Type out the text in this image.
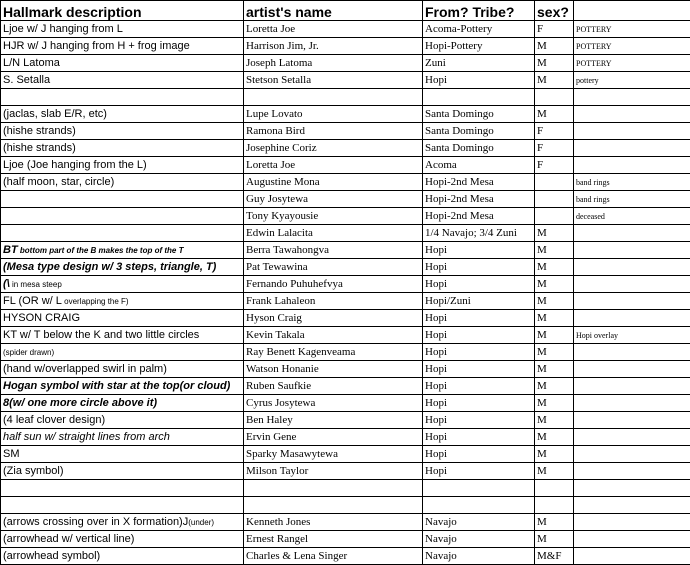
Hallmark description	artist's name	From? Tribe?	sex?	
Ljoe w/ J hanging from L	Loretta Joe	Acoma-Pottery	F	POTTERY
HJR w/ J hanging from H + frog image	Harrison Jim, Jr.	Hopi-Pottery	M	POTTERY
L/N Latoma	Joseph Latoma	Zuni	M	POTTERY
S. Setalla	Stetson Setalla	Hopi	M	pottery

(jaclas, slab E/R, etc)	Lupe Lovato	Santa Domingo	M	
(hishe strands)	Ramona Bird	Santa Domingo	F	
(hishe strands)	Josephine Coriz	Santa Domingo	F	
Ljoe (Joe hanging from the L)	Loretta Joe	Acoma	F	
(half moon, star, circle)	Augustine Mona	Hopi-2nd Mesa		band rings
	Guy Josytewa	Hopi-2nd Mesa		band rings
	Tony Kyayousie	Hopi-2nd Mesa		deceased
	Edwin Lalacita	1/4 Navajo; 3/4 Zuni	M	
BT bottom part of the B makes the top of the T	Berra Tawahongva	Hopi	M	
(Mesa type design w/ 3 steps, triangle, T)	Pat Tewawina	Hopi	M	
(\ in mesa steep	Fernando Puhuhefvya	Hopi	M	
FL (OR w/ L overlapping the F)	Frank Lahaleon	Hopi/Zuni	M	
HYSON CRAIG	Hyson Craig	Hopi	M	
KT w/ T below the K and two little circles	Kevin Takala	Hopi	M	Hopi overlay
(spider drawn)	Ray Benett Kagenveama	Hopi	M	
(hand w/overlapped swirl in palm)	Watson Honanie	Hopi	M	
Hogan symbol with star at the top(or cloud)	Ruben Saufkie	Hopi	M	
8(w/ one more circle above it)	Cyrus Josytewa	Hopi	M	
(4 leaf clover design)	Ben Haley	Hopi	M	
half sun w/ straight lines from arch	Ervin Gene	Hopi	M	
SM	Sparky Masawytewa	Hopi	M	
(Zia symbol)	Milson Taylor	Hopi	M	

(arrows crossing over in X formation)J(under)	Kenneth Jones	Navajo	M	
(arrowhead w/ vertical line)	Ernest Rangel	Navajo	M	
(arrowhead symbol)	Charles & Lena Singer	Navajo	M&F	
